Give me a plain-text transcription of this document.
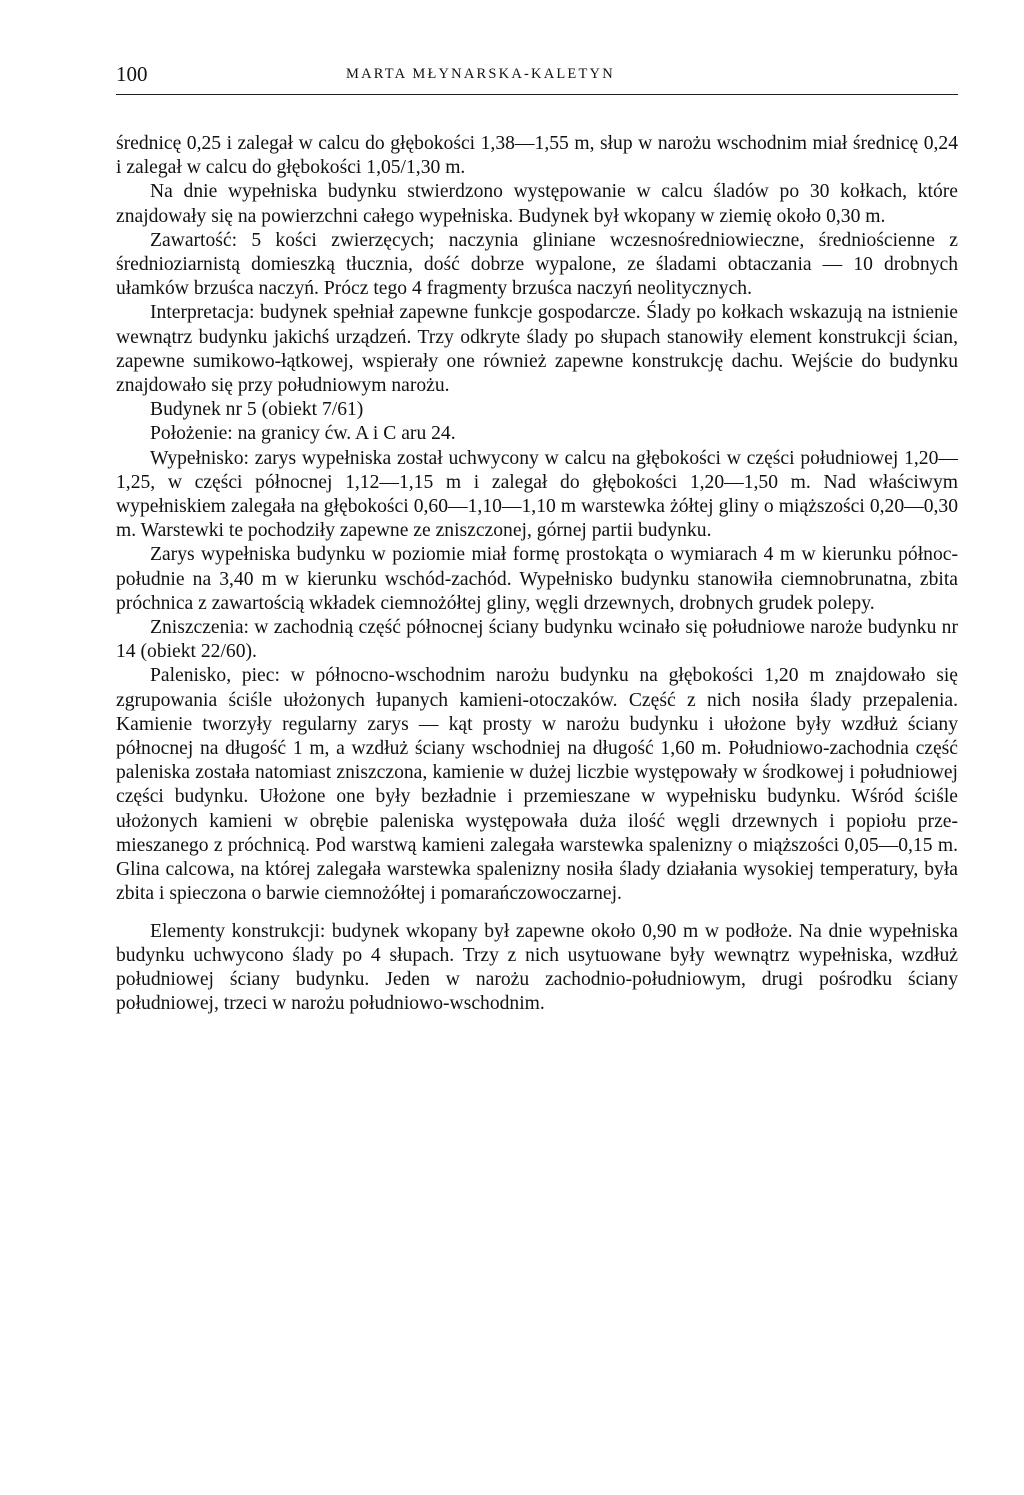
100	MARTA MŁYNARSKA-KALETYN

średnicę 0,25 i zalegał w calcu do głębokości 1,38—1,55 m, słup w narożu wschodnim miał średnicę 0,24 i zalegał w calcu do głębokości 1,05/1,30 m.

Na dnie wypełniska budynku stwierdzono występowanie w calcu śladów po 30 kołkach, które znajdowały się na powierzchni całego wypełniska. Budynek był wkopany w ziemię około 0,30 m.

Zawartość: 5 kości zwierzęcych; naczynia gliniane wczesnośredniowieczne, średniościenne z średnioziarnistą domieszką tłucznia, dość dobrze wypalone, ze śladami obtaczania — 10 drobnych ułamków brzuśca naczyń. Prócz tego 4 fragmenty brzuśca naczyń neolitycznych.

Interpretacja: budynek spełniał zapewne funkcje gospodarcze. Ślady po kołkach wskazują na istnienie wewnątrz budynku jakichś urządzeń. Trzy odkryte ślady po słupach stanowiły element konstrukcji ścian, zapewne sumikowo-łątkowej, wspierały one również zapewne konstrukcję dachu. Wejście do budynku znajdowało się przy południowym narożu.

Budynek nr 5 (obiekt 7/61)

Położenie: na granicy ćw. A i C aru 24.

Wypełnisko: zarys wypełniska został uchwycony w calcu na głębokości w części południowej 1,20—1,25, w części północnej 1,12—1,15 m i zalegał do głębokości 1,20—1,50 m. Nad właściwym wypełniskiem zalegała na głębokości 0,60—1,10—1,10 m warstewka żółtej gliny o miąższości 0,20—0,30 m. Warstewki te pochodziły zapewne ze zniszczonej, górnej partii budynku.

Zarys wypełniska budynku w poziomie miał formę prostokąta o wymiarach 4 m w kierunku północ-południe na 3,40 m w kierunku wschód-zachód. Wypełnisko budynku stanowiła ciemnobrunatna, zbita próchnica z zawartością wkładek ciemnożółtej gliny, węgli drzewnych, drobnych grudek polepy.

Zniszczenia: w zachodnią część północnej ściany budynku wcinało się południowe naroże budynku nr 14 (obiekt 22/60).

Palenisko, piec: w północno-wschodnim narożu budynku na głębokości 1,20 m znajdowało się zgrupowania ściśle ułożonych łupanych kamieni-otoczaków. Część z nich nosiła ślady przepalenia. Kamienie tworzyły regularny zarys — kąt prosty w narożu budynku i ułożone były wzdłuż ściany północnej na długość 1 m, a wzdłuż ściany wschodniej na długość 1,60 m. Południowo-zachodnia część paleniska została natomiast zniszczona, kamienie w dużej liczbie występowały w środkowej i południowej części budynku. Ułożone one były bezładnie i przemieszane w wypełnisku budynku. Wśród ściśle ułożonych kamieni w obrębie paleniska występowała duża ilość węgli drzewnych i popiołu przemieszanego z próchnicą. Pod warstwą kamieni zalegała warstewka spalenizny o miąższości 0,05—0,15 m. Glina calcowa, na której zalegała warstewka spalenizny nosiła ślady działania wysokiej temperatury, była zbita i spieczona o barwie ciemnożółtej i pomarańczowoczarnej.

Elementy konstrukcji: budynek wkopany był zapewne około 0,90 m w podłoże. Na dnie wypełniska budynku uchwycono ślady po 4 słupach. Trzy z nich usytuowane były wewnątrz wypełniska, wzdłuż południowej ściany budynku. Jeden w narożu zachodnio-południowym, drugi pośrodku ściany południowej, trzeci w narożu południowo-wschodnim.
